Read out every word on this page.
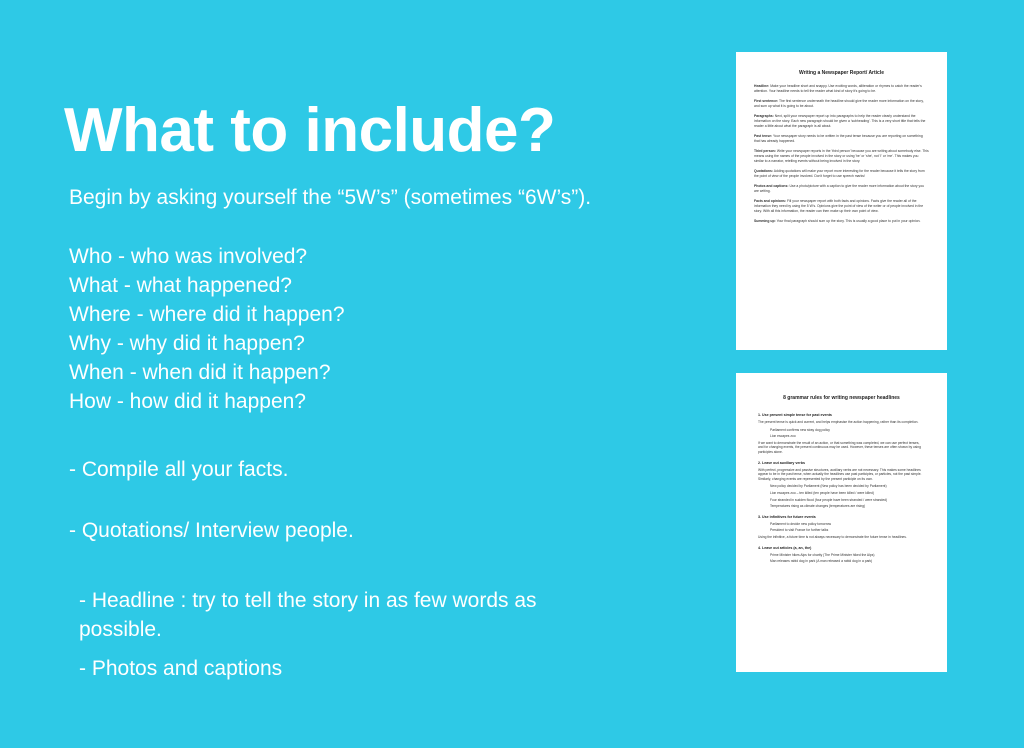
What to include?

Begin by asking yourself the “5W’s” (sometimes “6W’s”).

Who - who was involved?
What - what happened?
Where - where did it happen?
Why - why did it happen?
When - when did it happen?
How - how did it happen?

- Compile all your facts.

- Quotations/ Interview people.

- Headline : try to tell the story in as few words as possible.

- Photos and captions

Writing a Newspaper Report/ Article

Headline: Make your headline short and snappy. Use exciting words, alliteration or rhymes to catch the reader's attention. Your headline needs to tell the reader what kind of story it's going to be.

First sentence: The first sentence underneath the headline should give the reader more information on the story, and sum up what it is going to be about.

Paragraphs: Next, split your newspaper report up into paragraphs to help the reader clearly understand the information on the story. Each new paragraph should be given a 'subheading'. This is a very short title that tells the reader a little about what the paragraph is all about.

Past tense: Your newspaper story needs to be written in the past tense because you are reporting on something that has already happened.

Third person: Write your newspaper reports in the 'third person' because you are writing about somebody else. This means using the names of the people involved in the story or using 'he' or 'she', not 'I' or 'me'. This makes you similar to a narrator, retelling events without being involved in the story.

Quotations: Adding quotations will make your report more interesting for the reader because it tells the story from the point of view of the people involved. Don't forget to use speech marks!

Photos and captions: Use a photo/picture with a caption to give the reader more information about the story you are writing.

Facts and opinions: Fill your newspaper report with both facts and opinions. Facts give the reader all of the information they need by using the 5 W's. Opinions give the point of view of the writer or of people involved in the story. With all this information, the reader can then make up their own point of view.

Summing up: Your final paragraph should sum up the story. This is usually a good place to put in your opinion.

8 grammar rules for writing newspaper headlines

1. Use present simple tense for past events

The present tense is quick and current, and helps emphasise the action happening, rather than its completion.

Parliament confirms new stray dog policy

Lion escapes zoo

If we want to demonstrate the result of an action, or that something was completed, we can use perfect tenses, and for changing events, the present continuous may be used. However, these tenses are often shown by using participles alone.

2. Leave out auxiliary verbs

With perfect, progressive and passive structures, auxiliary verbs are not necessary. This makes some headlines appear to be in the past tense, when actually the headlines use past participles, or particles, not the past simple. Similarly, changing events are represented by the present participle on its own.

New policy decided by Parliament (New policy has been decided by Parliament)

Lion escapes zoo – ten killed (ten people have been killed / were killed)

Four stranded in sudden flood (four people have been stranded / were stranded)

Temperatures rising as climate changes (temperatures are rising)

3. Use infinitives for future events

Parliament to decide new policy tomorrow

President to visit France for further talks

Using the infinitive, a future time is not always necessary to demonstrate the future tense in headlines.

4. Leave out articles (a, an, the)

Prime Minister hikes Alps for charity (The Prime Minister hiked the Alps)

Man releases rabid dog in park (A man released a rabid dog in a park)
